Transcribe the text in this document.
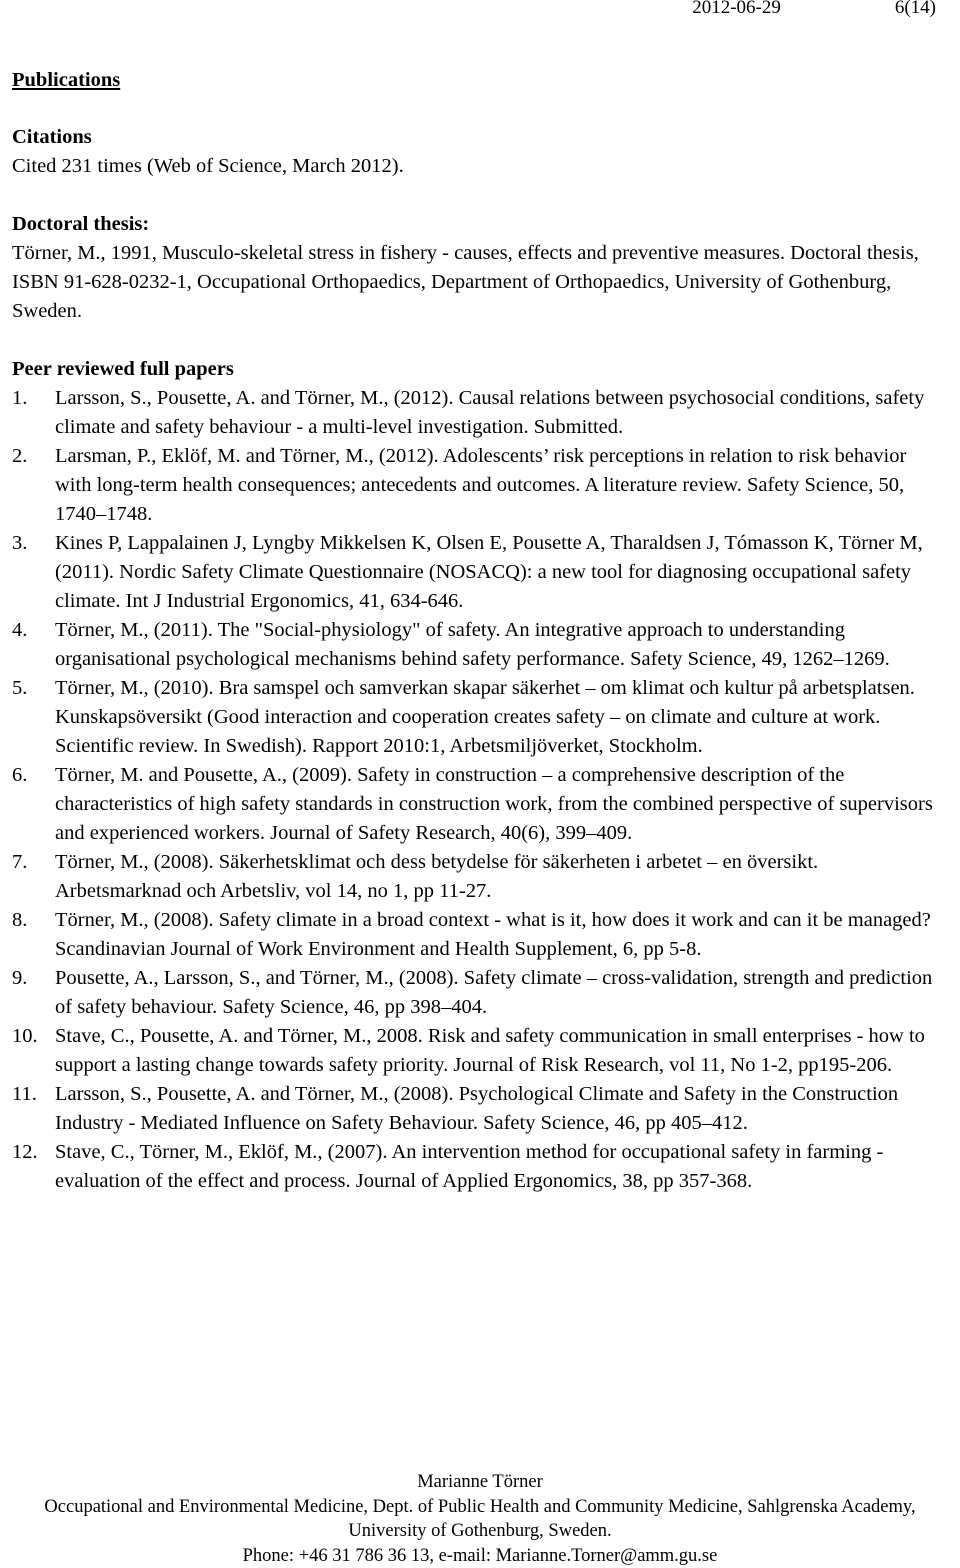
2012-06-29	6(14)
Publications
Citations
Cited 231 times (Web of Science, March 2012).
Doctoral thesis:
Törner, M., 1991, Musculo-skeletal stress in fishery - causes, effects and preventive measures. Doctoral thesis, ISBN 91-628-0232-1, Occupational Orthopaedics, Department of Orthopaedics, University of Gothenburg, Sweden.
Peer reviewed full papers
1. Larsson, S., Pousette, A. and Törner, M., (2012). Causal relations between psychosocial conditions, safety climate and safety behaviour - a multi-level investigation. Submitted.
2. Larsman, P., Eklöf, M. and Törner, M., (2012). Adolescents’ risk perceptions in relation to risk behavior with long-term health consequences; antecedents and outcomes. A literature review. Safety Science, 50, 1740–1748.
3. Kines P, Lappalainen J, Lyngby Mikkelsen K, Olsen E, Pousette A, Tharaldsen J, Tómasson K, Törner M, (2011). Nordic Safety Climate Questionnaire (NOSACQ): a new tool for diagnosing occupational safety climate. Int J Industrial Ergonomics, 41, 634-646.
4. Törner, M., (2011). The "Social-physiology" of safety. An integrative approach to understanding organisational psychological mechanisms behind safety performance. Safety Science, 49, 1262–1269.
5. Törner, M., (2010). Bra samspel och samverkan skapar säkerhet – om klimat och kultur på arbetsplatsen. Kunskapsöversikt (Good interaction and cooperation creates safety – on climate and culture at work. Scientific review. In Swedish). Rapport 2010:1, Arbetsmiljöverket, Stockholm.
6. Törner, M. and Pousette, A., (2009). Safety in construction – a comprehensive description of the characteristics of high safety standards in construction work, from the combined perspective of supervisors and experienced workers. Journal of Safety Research, 40(6), 399–409.
7. Törner, M., (2008). Säkerhetsklimat och dess betydelse för säkerheten i arbetet – en översikt. Arbetsmarknad och Arbetsliv, vol 14, no 1, pp 11-27.
8. Törner, M., (2008). Safety climate in a broad context - what is it, how does it work and can it be managed? Scandinavian Journal of Work Environment and Health Supplement, 6, pp 5-8.
9. Pousette, A., Larsson, S., and Törner, M., (2008). Safety climate – cross-validation, strength and prediction of safety behaviour. Safety Science, 46, pp 398–404.
10. Stave, C., Pousette, A. and Törner, M., 2008. Risk and safety communication in small enterprises - how to support a lasting change towards safety priority. Journal of Risk Research, vol 11, No 1-2, pp195-206.
11. Larsson, S., Pousette, A. and Törner, M., (2008). Psychological Climate and Safety in the Construction Industry - Mediated Influence on Safety Behaviour. Safety Science, 46, pp 405–412.
12. Stave, C., Törner, M., Eklöf, M., (2007). An intervention method for occupational safety in farming - evaluation of the effect and process. Journal of Applied Ergonomics, 38, pp 357-368.
Marianne Törner
Occupational and Environmental Medicine, Dept. of Public Health and Community Medicine, Sahlgrenska Academy,
University of Gothenburg, Sweden.
Phone: +46 31 786 36 13, e-mail: Marianne.Torner@amm.gu.se
